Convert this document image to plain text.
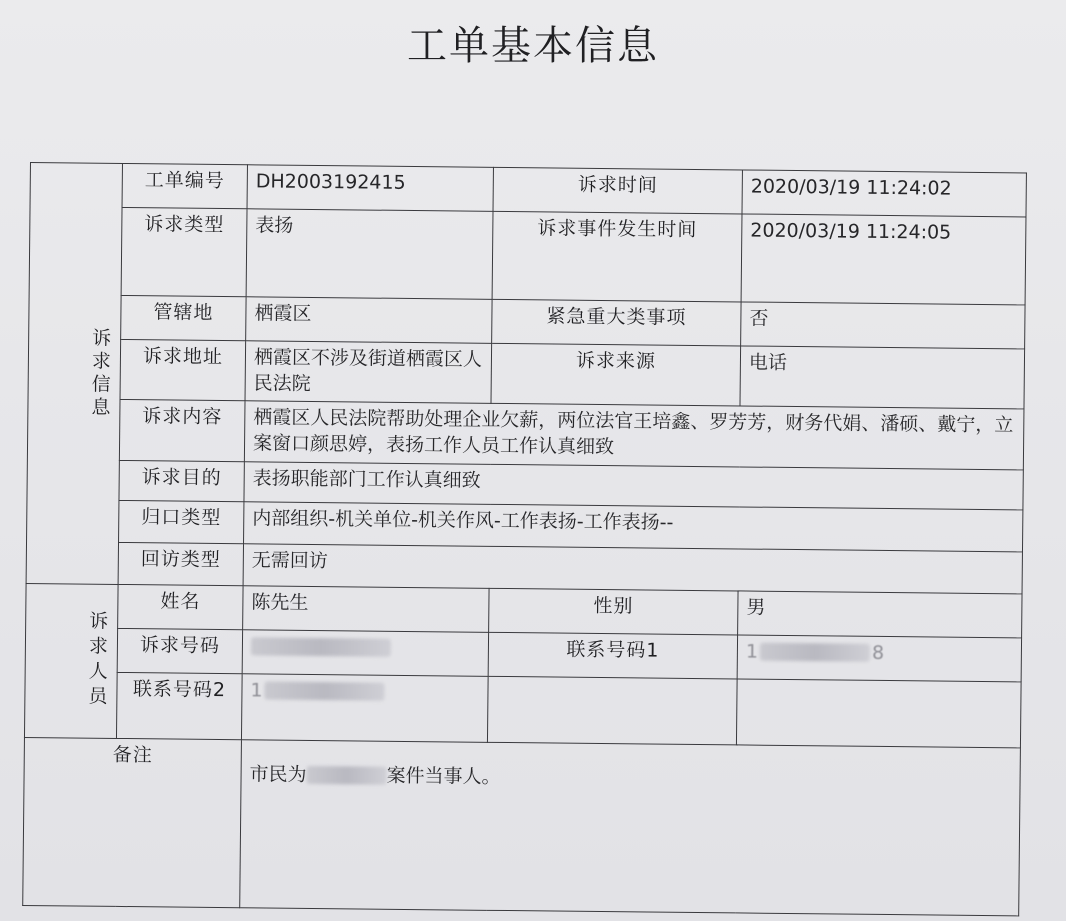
工单基本信息
诉求信息	工单编号	DH2003192415	诉求时间	2020/03/19 11:24:02
	诉求类型	表扬	诉求事件发生时间	2020/03/19 11:24:05
	管辖地	栖霞区	紧急重大类事项	否
	诉求地址	栖霞区不涉及街道栖霞区人民法院	诉求来源	电话
	诉求内容	栖霞区人民法院帮助处理企业欠薪，两位法官王培鑫、罗芳芳，财务代娟、潘硕、戴宁，立案窗口颜思婷，表扬工作人员工作认真细致		
	诉求目的	表扬职能部门工作认真细致		
	归口类型	内部组织-机关单位-机关作风-工作表扬-工作表扬--		
	回访类型	无需回访		
诉求人员	姓名	陈先生	性别	男
	诉求号码		联系号码1	1 8

	联系号码2	1		

备注		市民为 案件当事人。		
